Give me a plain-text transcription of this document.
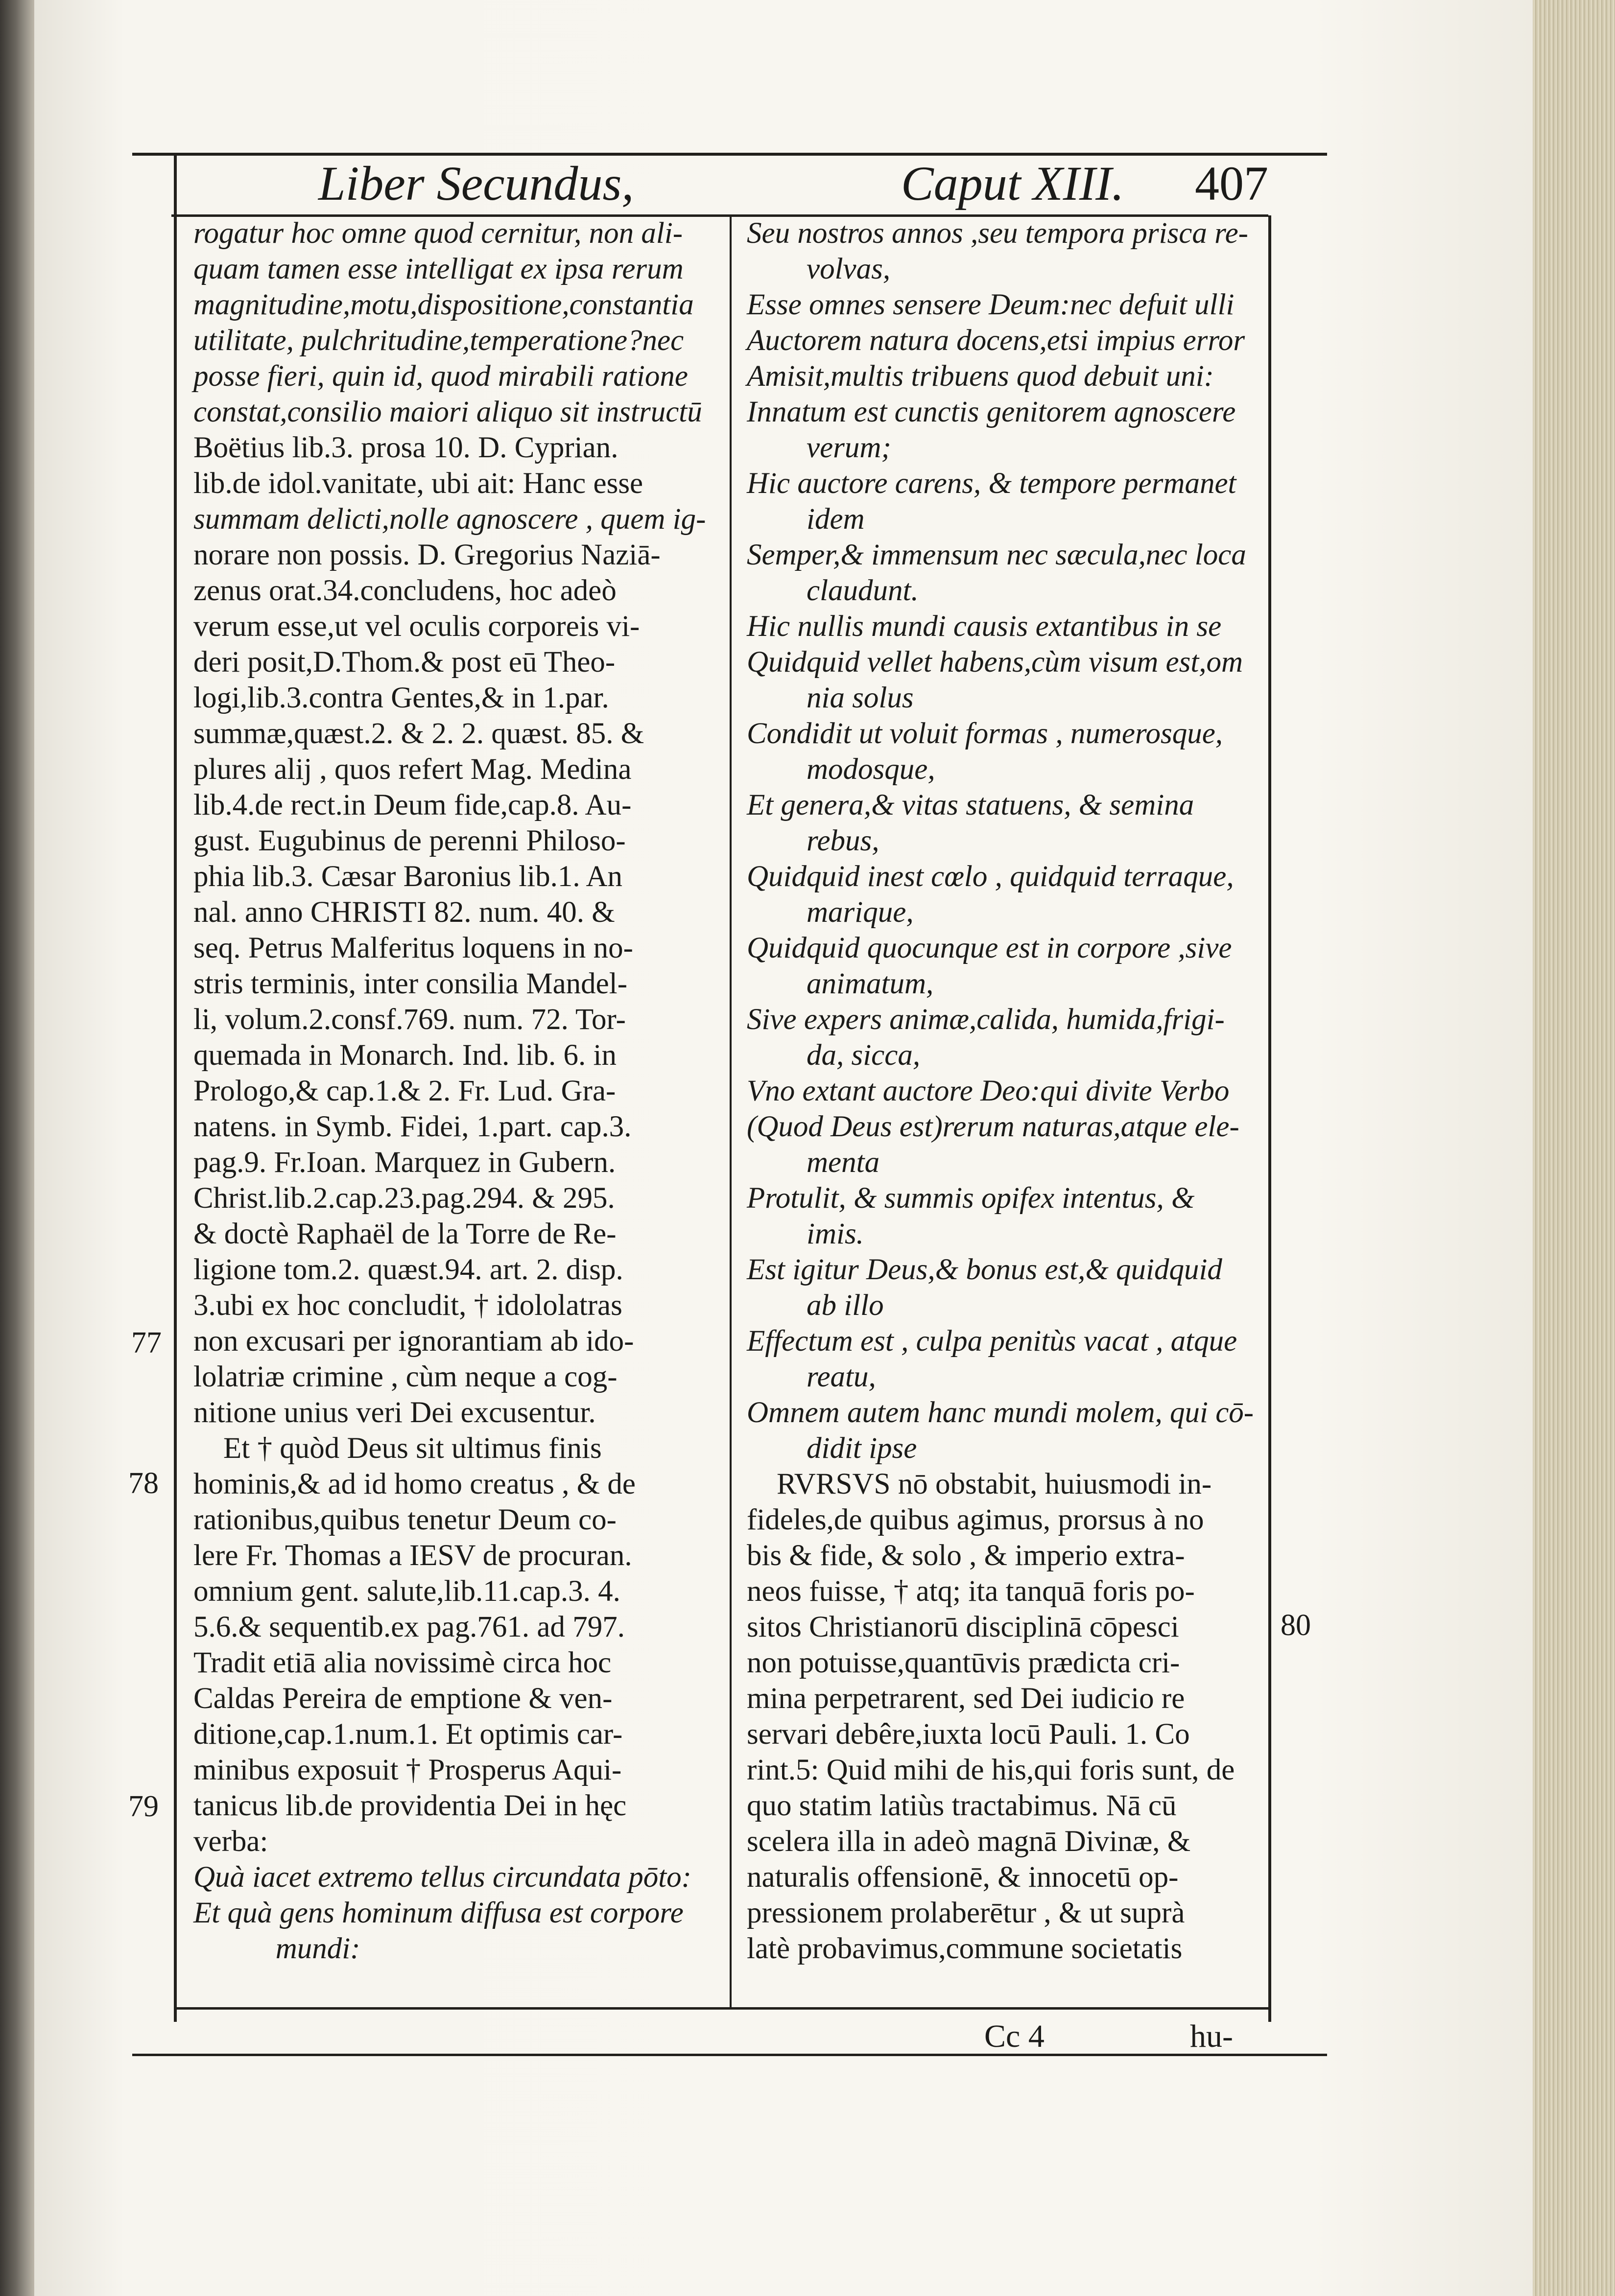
Liber Secundus,	Caput XIII. 407
rogatur hoc omne quod cernitur, non ali-
quam tamen esse intelligat ex ipsa rerum
magnitudine,motu,dispositione,constantia
utilitate, pulchritudine,temperatione?nec
posse fieri, quin id, quod mirabili ratione
constat,consilio maiori aliquo sit instructū
Boëtius lib.3. prosa 10. D. Cyprian.
lib.de idol.vanitate, ubi ait: Hanc esse
summam delicti,nolle agnoscere , quem ig-
norare non possis. D. Gregorius Naziā-
zenus orat.34.concludens, hoc adeò
verum esse,ut vel oculis corporeis vi-
deri posit,D.Thom.& post eū Theo-
logi,lib.3.contra Gentes,& in 1.par.
summæ,quæst.2. & 2. 2. quæst. 85. &
plures alij , quos refert Mag. Medina
lib.4.de rect.in Deum fide,cap.8. Au-
gust. Eugubinus de perenni Philoso-
phia lib.3. Cæsar Baronius lib.1. An
nal. anno CHRISTI 82. num. 40. &
seq. Petrus Malferitus loquens in no-
stris terminis, inter consilia Mandel-
li, volum.2.consf.769. num. 72. Tor-
quemada in Monarch. Ind. lib. 6. in
Prologo,& cap.1.& 2. Fr. Lud. Gra-
natens. in Symb. Fidei, 1.part. cap.3.
pag.9. Fr.Ioan. Marquez in Gubern.
Christ.lib.2.cap.23.pag.294. & 295.
& doctè Raphaël de la Torre de Re-
ligione tom.2. quæst.94. art. 2. disp.
3.ubi ex hoc concludit, † idololatras
non excusari per ignorantiam ab ido-
lolatriæ crimine , cùm neque a cog-
nitione unius veri Dei excusentur.
Et † quòd Deus sit ultimus finis
hominis,& ad id homo creatus , & de
rationibus,quibus tenetur Deum co-
lere Fr. Thomas a IESV de procuran.
omnium gent. salute,lib.11.cap.3. 4.
5.6.& sequentib.ex pag.761. ad 797.
Tradit etiā alia novissimè circa hoc
Caldas Pereira de emptione & ven-
ditione,cap.1.num.1. Et optimis car-
minibus exposuit † Prosperus Aqui-
tanicus lib.de providentia Dei in hęc
verba:
Quà iacet extremo tellus circundata pōto:
Et quà gens hominum diffusa est corpore
mundi:
Seu nostros annos ,seu tempora prisca re-
volvas,
Esse omnes sensere Deum:nec defuit ulli
Auctorem natura docens,etsi impius error
Amisit,multis tribuens quod debuit uni:
Innatum est cunctis genitorem agnoscere
verum;
Hic auctore carens, & tempore permanet
idem
Semper,& immensum nec sæcula,nec loca
claudunt.
Hic nullis mundi causis extantibus in se
Quidquid vellet habens,cùm visum est,om
nia solus
Condidit ut voluit formas , numerosque,
modosque,
Et genera,& vitas statuens, & semina
rebus,
Quidquid inest cœlo , quidquid terraque,
marique,
Quidquid quocunque est in corpore ,sive
animatum,
Sive expers animæ,calida, humida,frigi-
da, sicca,
Vno extant auctore Deo:qui divite Verbo
(Quod Deus est)rerum naturas,atque ele-
menta
Protulit, & summis opifex intentus, &
imis.
Est igitur Deus,& bonus est,& quidquid
ab illo
Effectum est , culpa penitùs vacat , atque
reatu,
Omnem autem hanc mundi molem, qui cō-
didit ipse
RVRSVS nō obstabit, huiusmodi in-
fideles,de quibus agimus, prorsus à no
bis & fide, & solo , & imperio extra-
neos fuisse, † atq; ita tanquā foris po-
sitos Christianorū disciplinā cōpesci
non potuisse,quantūvis prædicta cri-
mina perpetrarent, sed Dei iudicio re
servari debêre,iuxta locū Pauli. 1. Co
rint.5: Quid mihi de his,qui foris sunt, de
quo statim latiùs tractabimus. Nā cū
scelera illa in adeò magnā Divinæ, &
naturalis offensionē, & innocetū op-
pressionem prolaberētur , & ut suprà
latè probavimus,commune societatis
77
78
79
80
Cc 4	hu-
